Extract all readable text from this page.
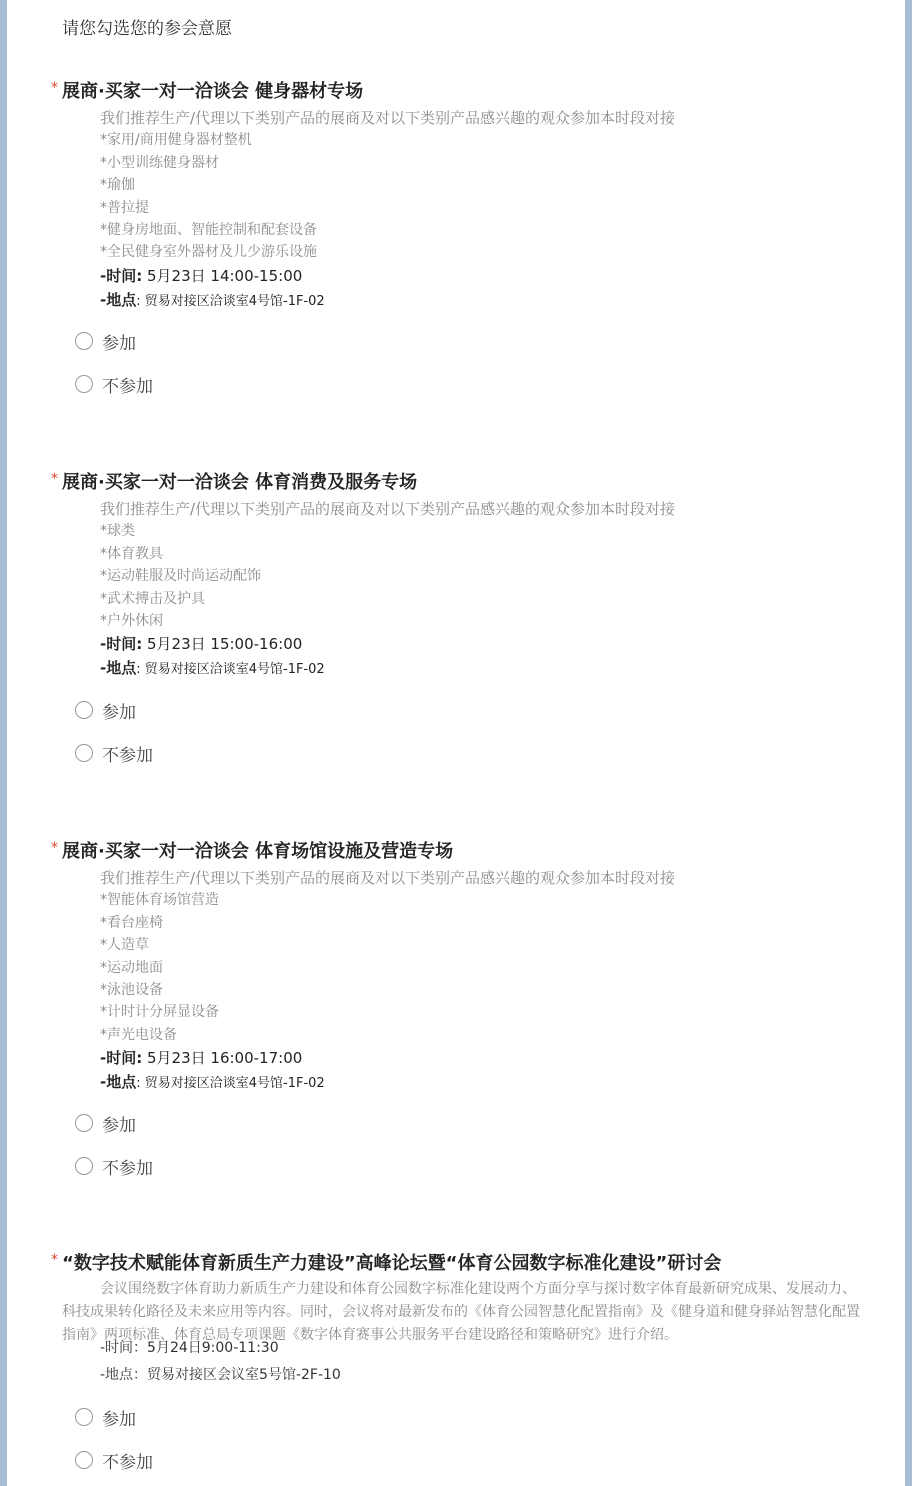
请您勾选您的参会意愿
* 展商·买家一对一洽谈会 健身器材专场
我们推荐生产/代理以下类别产品的展商及对以下类别产品感兴趣的观众参加本时段对接
*家用/商用健身器材整机
*小型训练健身器材
*瑜伽
*普拉提
*健身房地面、智能控制和配套设备
*全民健身室外器材及儿少游乐设施
-时间: 5月23日 14:00-15:00
-地点: 贸易对接区洽谈室4号馆-1F-02
参加
不参加
* 展商·买家一对一洽谈会 体育消费及服务专场
我们推荐生产/代理以下类别产品的展商及对以下类别产品感兴趣的观众参加本时段对接
*球类
*体育教具
*运动鞋服及时尚运动配饰
*武术搏击及护具
*户外休闲
-时间: 5月23日 15:00-16:00
-地点: 贸易对接区洽谈室4号馆-1F-02
参加
不参加
* 展商·买家一对一洽谈会 体育场馆设施及营造专场
我们推荐生产/代理以下类别产品的展商及对以下类别产品感兴趣的观众参加本时段对接
*智能体育场馆营造
*看台座椅
*人造草
*运动地面
*泳池设备
*计时计分屏显设备
*声光电设备
-时间: 5月23日 16:00-17:00
-地点: 贸易对接区洽谈室4号馆-1F-02
参加
不参加
* “数字技术赋能体育新质生产力建设”高峰论坛暨“体育公园数字标准化建设”研讨会
会议围绕数字体育助力新质生产力建设和体育公园数字标准化建设两个方面分享与探讨数字体育最新研究成果、发展动力、科技成果转化路径及未来应用等内容。同时，会议将对最新发布的《体育公园智慧化配置指南》及《健身道和健身驿站智慧化配置指南》两项标准、体育总局专项课题《数字体育赛事公共服务平台建设路径和策略研究》进行介绍。
-时间：5月24日9:00-11:30
-地点：贸易对接区会议室5号馆-2F-10
参加
不参加
